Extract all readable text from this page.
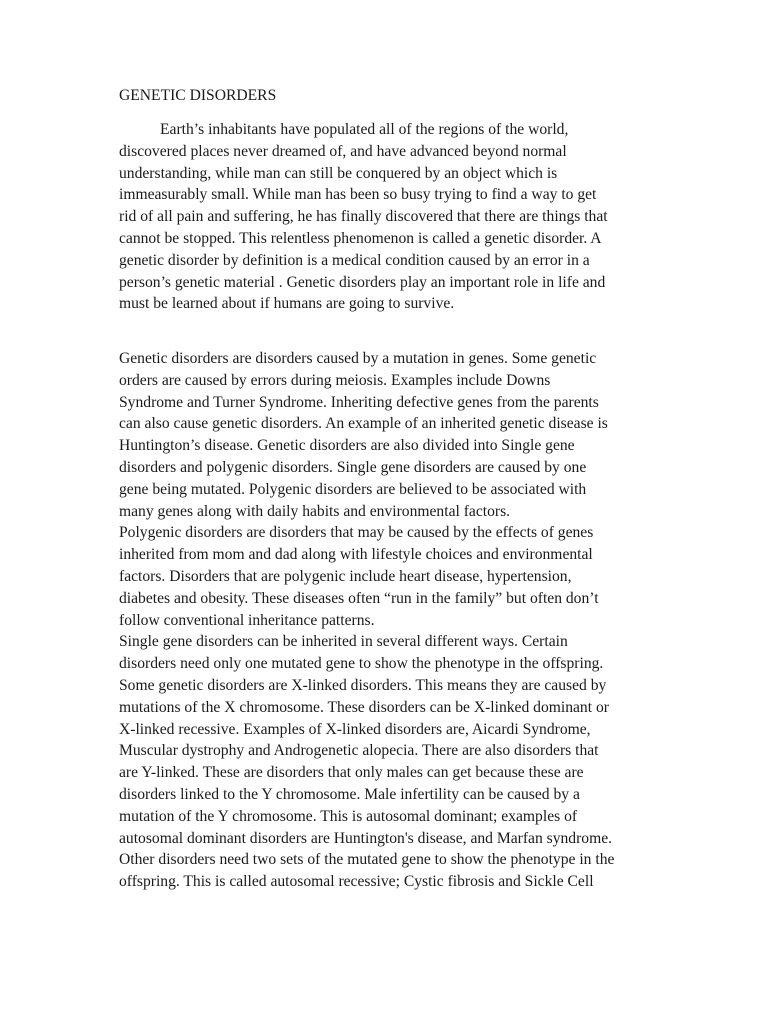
GENETIC DISORDERS

Earth’s inhabitants have populated all of the regions of the world,

discovered places never dreamed of, and have advanced beyond normal

understanding, while man can still be conquered by an object which is

immeasurably small. While man has been so busy trying to find a way to get

rid of all pain and suffering, he has finally discovered that there are things that

cannot be stopped. This relentless phenomenon is called a genetic disorder. A

genetic disorder by definition is a medical condition caused by an error in a

person’s genetic material . Genetic disorders play an important role in life and

must be learned about if humans are going to survive.

Genetic disorders are disorders caused by a mutation in genes. Some genetic

orders are caused by errors during meiosis. Examples include Downs

Syndrome and Turner Syndrome. Inheriting defective genes from the parents

can also cause genetic disorders. An example of an inherited genetic disease is

Huntington’s disease. Genetic disorders are also divided into Single gene

disorders and polygenic disorders. Single gene disorders are caused by one

gene being mutated. Polygenic disorders are believed to be associated with

many genes along with daily habits and environmental factors.

Polygenic disorders are disorders that may be caused by the effects of genes

inherited from mom and dad along with lifestyle choices and environmental

factors. Disorders that are polygenic include heart disease, hypertension,

diabetes and obesity. These diseases often “run in the family” but often don’t

follow conventional inheritance patterns.

Single gene disorders can be inherited in several different ways. Certain

disorders need only one mutated gene to show the phenotype in the offspring.

Some genetic disorders are X-linked disorders. This means they are caused by

mutations of the X chromosome. These disorders can be X-linked dominant or

X-linked recessive. Examples of X-linked disorders are, Aicardi Syndrome,

Muscular dystrophy and Androgenetic alopecia. There are also disorders that

are Y-linked. These are disorders that only males can get because these are

disorders linked to the Y chromosome. Male infertility can be caused by a

mutation of the Y chromosome. This is autosomal dominant; examples of

autosomal dominant disorders are Huntington's disease, and Marfan syndrome.

Other disorders need two sets of the mutated gene to show the phenotype in the

offspring. This is called autosomal recessive; Cystic fibrosis and Sickle Cell
